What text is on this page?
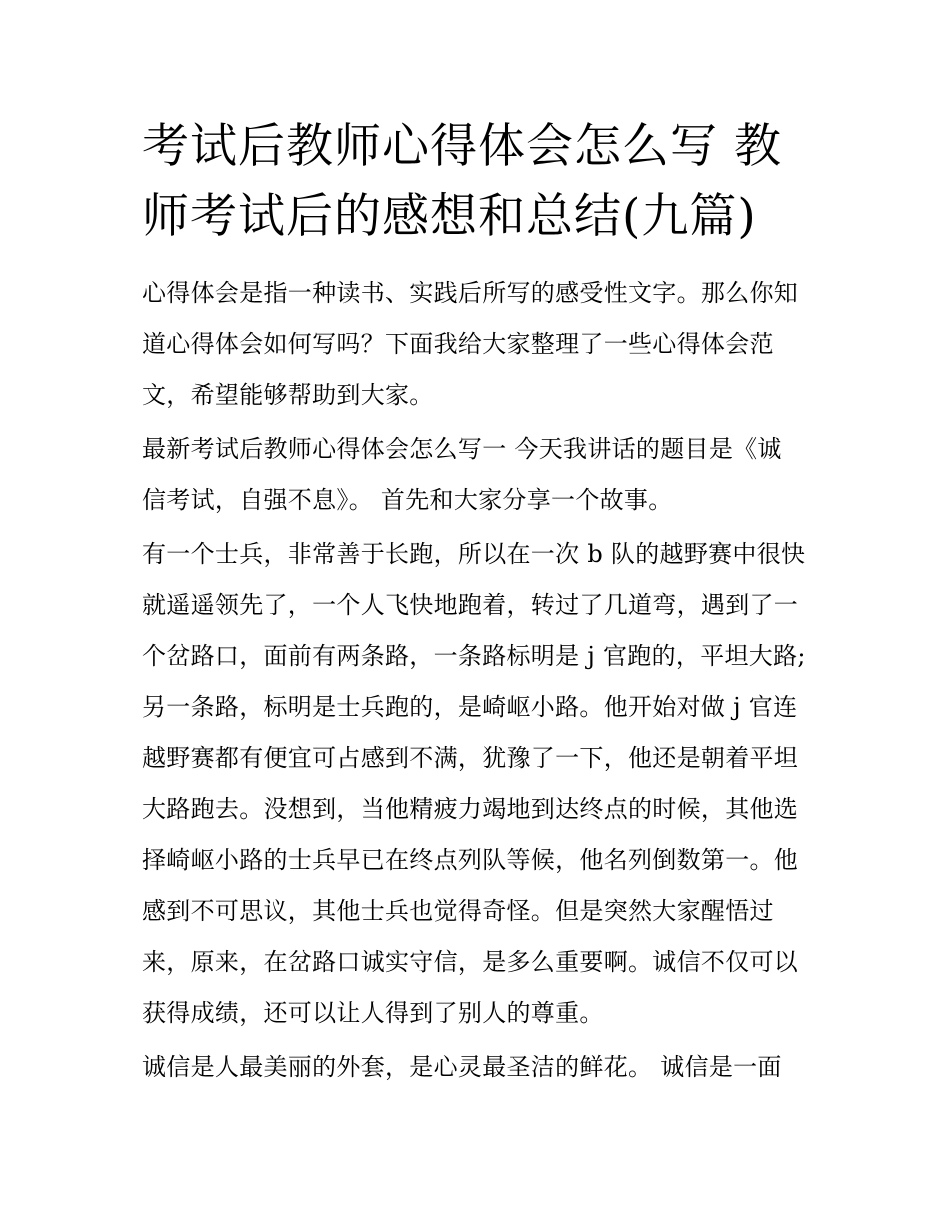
考试后教师心得体会怎么写 教
师考试后的感想和总结(九篇)
心得体会是指一种读书、实践后所写的感受性文字。那么你知
道心得体会如何写吗？下面我给大家整理了一些心得体会范
文，希望能够帮助到大家。
最新考试后教师心得体会怎么写一 今天我讲话的题目是《诚
信考试，自强不息》。 首先和大家分享一个故事。
有一个士兵，非常善于长跑，所以在一次 b 队的越野赛中很快
就遥遥领先了，一个人飞快地跑着，转过了几道弯，遇到了一
个岔路口，面前有两条路，一条路标明是 j 官跑的，平坦大路;
另一条路，标明是士兵跑的，是崎岖小路。他开始对做 j 官连
越野赛都有便宜可占感到不满，犹豫了一下，他还是朝着平坦
大路跑去。没想到，当他精疲力竭地到达终点的时候，其他选
择崎岖小路的士兵早已在终点列队等候，他名列倒数第一。他
感到不可思议，其他士兵也觉得奇怪。但是突然大家醒悟过
来，原来，在岔路口诚实守信，是多么重要啊。诚信不仅可以
获得成绩，还可以让人得到了别人的尊重。
诚信是人最美丽的外套，是心灵最圣洁的鲜花。 诚信是一面
